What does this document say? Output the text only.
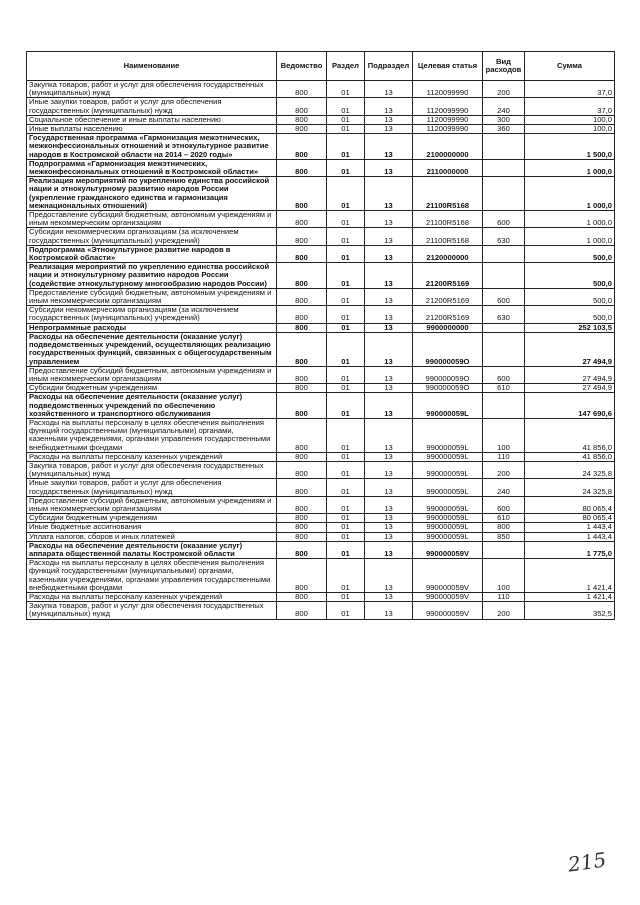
Наименование	Ведомство	Раздел	Подраздел	Целевая статья	Вид расходов	Сумма
Закупка товаров, работ и услуг для обеспечения государственных (муниципальных) нужд	800	01	13	1120099990	200	37,0
Иные закупки товаров, работ и услуг для обеспечения государственных (муниципальных) нужд	800	01	13	1120099990	240	37,0
Социальное обеспечение и иные выплаты населению	800	01	13	1120099990	300	100,0
Иные выплаты населению	800	01	13	1120099990	360	100,0
Государственная программа «Гармонизация межэтнических, межконфессиональных отношений и этнокультурное развитие народов в Костромской области на 2014 – 2020 годы»	800	01	13	2100000000		1 500,0
Подпрограмма «Гармонизация межэтнических, межконфессиональных отношений в Костромской области»	800	01	13	2110000000		1 000,0
Реализация мероприятий по укреплению единства российской нации и этнокультурному развитию народов России (укрепление гражданского единства и гармонизация межнациональных отношений)	800	01	13	21100R5168		1 000,0
Предоставление субсидий бюджетным, автономным учреждениям и иным некоммерческим организациям	800	01	13	21100R5168	600	1 000,0
Субсидии некоммерческим организациям (за исключением государственных (муниципальных) учреждений)	800	01	13	21100R5168	630	1 000,0
Подпрограмма «Этнокультурное развитие народов в Костромской области»	800	01	13	2120000000		500,0
Реализация мероприятий по укреплению единства российской нации и этнокультурному развитию народов России (содействие этнокультурному многообразию народов России)	800	01	13	21200R5169		500,0
Предоставление субсидий бюджетным, автономным учреждениям и иным некоммерческим организациям	800	01	13	21200R5169	600	500,0
Субсидии некоммерческим организациям (за исключением государственных (муниципальных) учреждений)	800	01	13	21200R5169	630	500,0
Непрограммные расходы	800	01	13	9900000000		252 103,5
Расходы на обеспечение деятельности (оказание услуг) подведомственных учреждений, осуществляющих реализацию государственных функций, связанных с общегосударственным управлением	800	01	13	990000059O		27 494,9
Предоставление субсидий бюджетным, автономным учреждениям и иным некоммерческим организациям	800	01	13	990000059O	600	27 494,9
Субсидии бюджетным учреждениям	800	01	13	990000059O	610	27 494,9
Расходы на обеспечение деятельности (оказание услуг) подведомственных учреждений по обеспечению хозяйственного и транспортного обслуживания	800	01	13	990000059L		147 690,6
Расходы на выплаты персоналу в целях обеспечения выполнения функций государственными (муниципальными) органами, казенными учреждениями, органами управления государственными внебюджетными фондами	800	01	13	990000059L	100	41 856,0
Расходы на выплаты персоналу казенных учреждений	800	01	13	990000059L	110	41 856,0
Закупка товаров, работ и услуг для обеспечения государственных (муниципальных) нужд	800	01	13	990000059L	200	24 325,8
Иные закупки товаров, работ и услуг для обеспечения государственных (муниципальных) нужд	800	01	13	990000059L	240	24 325,8
Предоставление субсидий бюджетным, автономным учреждениям и иным некоммерческим организациям	800	01	13	990000059L	600	80 065,4
Субсидии бюджетным учреждениям	800	01	13	990000059L	610	80 065,4
Иные бюджетные ассигнования	800	01	13	990000059L	800	1 443,4
Уплата налогов, сборов и иных платежей	800	01	13	990000059L	850	1 443,4
Расходы на обеспечение деятельности (оказание услуг) аппарата общественной палаты Костромской области	800	01	13	990000059V		1 775,0
Расходы на выплаты персоналу в целях обеспечения выполнения функций государственными (муниципальными) органами, казенными учреждениями, органами управления государственными внебюджетными фондами	800	01	13	990000059V	100	1 421,4
Расходы на выплаты персоналу казенных учреждений	800	01	13	990000059V	110	1 421,4
Закупка товаров, работ и услуг для обеспечения государственных (муниципальных) нужд	800	01	13	990000059V	200	352,5
215
